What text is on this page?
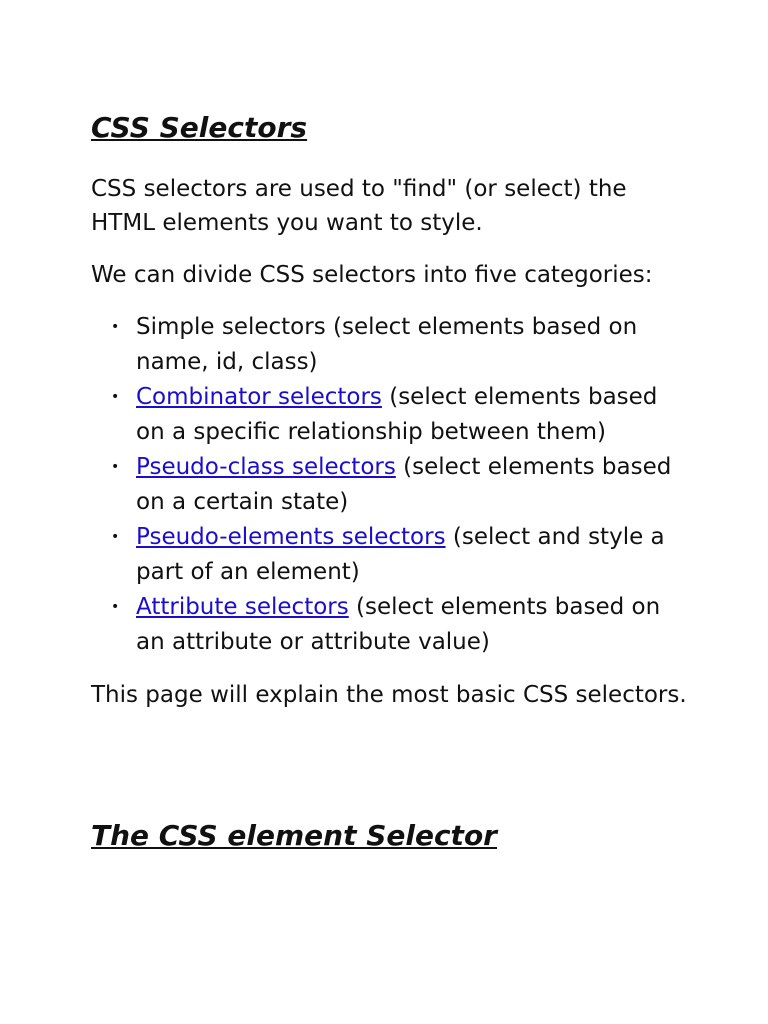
CSS Selectors

CSS selectors are used to "find" (or select) the HTML elements you want to style.

We can divide CSS selectors into five categories:

• Simple selectors (select elements based on name, id, class)
• Combinator selectors (select elements based on a specific relationship between them)
• Pseudo-class selectors (select elements based on a certain state)
• Pseudo-elements selectors (select and style a part of an element)
• Attribute selectors (select elements based on an attribute or attribute value)

This page will explain the most basic CSS selectors.

The CSS element Selector
